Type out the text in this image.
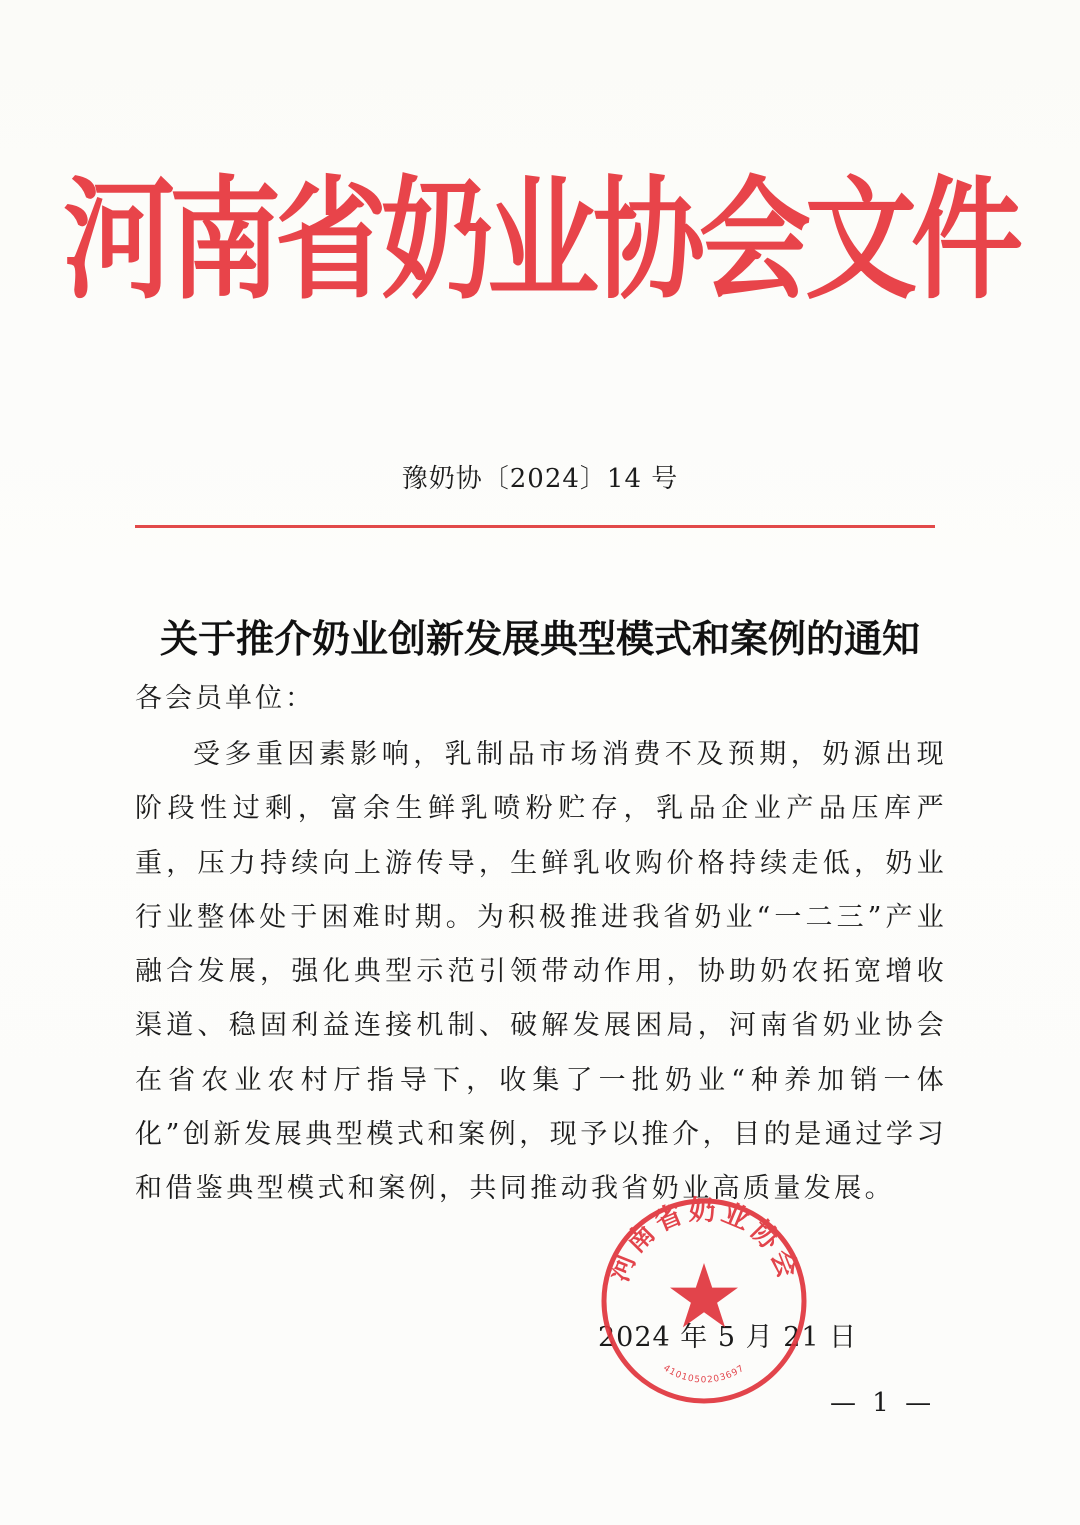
河南省奶业协会文件
豫奶协〔2024〕14 号
关于推介奶业创新发展典型模式和案例的通知
各会员单位：

受多重因素影响，乳制品市场消费不及预期，奶源出现阶段性过剩，富余生鲜乳喷粉贮存，乳品企业产品压库严重，压力持续向上游传导，生鲜乳收购价格持续走低，奶业行业整体处于困难时期。为积极推进我省奶业“一二三”产业融合发展，强化典型示范引领带动作用，协助奶农拓宽增收渠道、稳固利益连接机制、破解发展困局，河南省奶业协会在省农业农村厅指导下，收集了一批奶业“种养加销一体化”创新发展典型模式和案例，现予以推介，目的是通过学习和借鉴典型模式和案例，共同推动我省奶业高质量发展。

2024 年 5 月 21 日
河南省奶业协会
4101050203697
— 1 —
